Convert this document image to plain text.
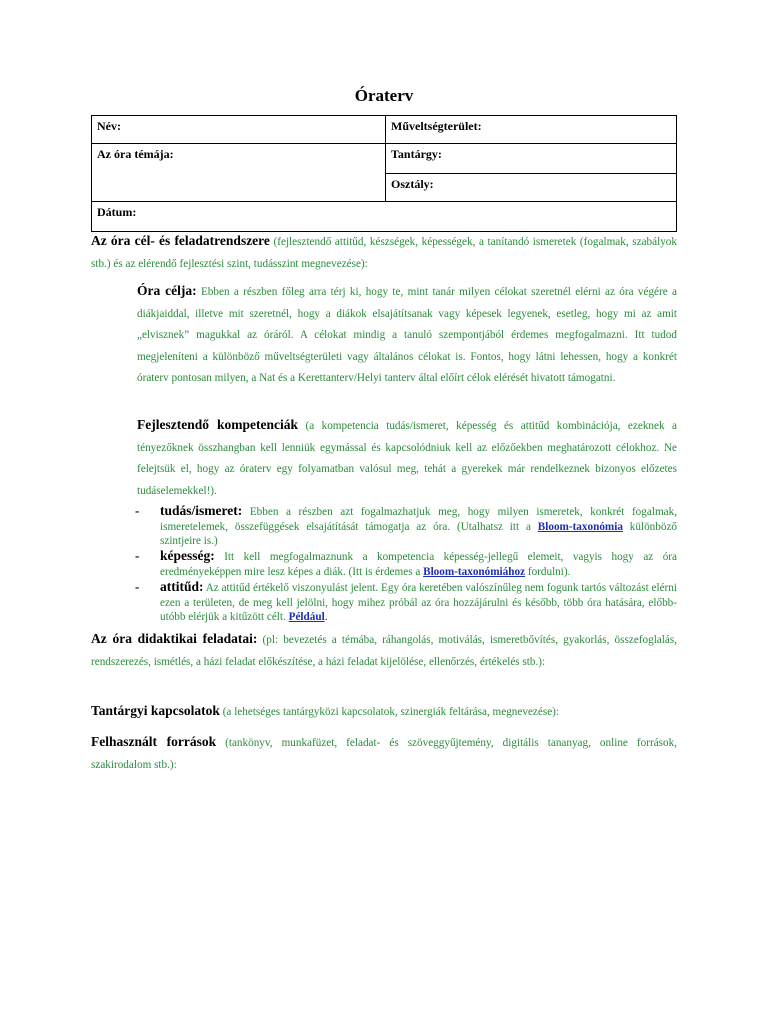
Óraterv
Név:	Műveltségterület:
Az óra témája:	Tantárgy:
	Osztály:
Dátum:	
Az óra cél- és feladatrendszere (fejlesztendő attitűd, készségek, képességek, a tanítandó ismeretek (fogalmak, szabályok stb.) és az elérendő fejlesztési szint, tudásszint megnevezése):
Óra célja: Ebben a részben főleg arra térj ki, hogy te, mint tanár milyen célokat szeretnél elérni az óra végére a diákjaiddal, illetve mit szeretnél, hogy a diákok elsajátítsanak vagy képesek legyenek, esetleg, hogy mi az amit „elvisznek” magukkal az óráról. A célokat mindig a tanuló szempontjából érdemes megfogalmazni. Itt tudod megjeleníteni a különböző műveltségterületi vagy általános célokat is. Fontos, hogy látni lehessen, hogy a konkrét óraterv pontosan milyen, a Nat és a Kerettanterv/Helyi tanterv által előírt célok elérését hivatott támogatni.
Fejlesztendő kompetenciák (a kompetencia tudás/ismeret, képesség és attitűd kombinációja, ezeknek a tényezőknek összhangban kell lenniük egymással és kapcsolódniuk kell az előzőekben meghatározott célokhoz. Ne felejtsük el, hogy az óraterv egy folyamatban valósul meg, tehát a gyerekek már rendelkeznek bizonyos előzetes tudáselemekkel!).
- tudás/ismeret: Ebben a részben azt fogalmazhatjuk meg, hogy milyen ismeretek, konkrét fogalmak, ismeretelemek, összefüggések elsajátítását támogatja az óra. (Utalhatsz itt a Bloom-taxonómia különböző szintjeire is.)
- képesség: Itt kell megfogalmaznunk a kompetencia képesség-jellegű elemeit, vagyis hogy az óra eredményeképpen mire lesz képes a diák. (Itt is érdemes a Bloom-taxonómiához fordulni).
- attitűd: Az attitűd értékelő viszonyulást jelent. Egy óra keretében valószínűleg nem fogunk tartós változást elérni ezen a területen, de meg kell jelölni, hogy mihez próbál az óra hozzájárulni és később, több óra hatására, előbb-utóbb elérjük a kitűzött célt. Például.
Az óra didaktikai feladatai: (pl: bevezetés a témába, ráhangolás, motiválás, ismeretbővítés, gyakorlás, összefoglalás, rendszerezés, ismétlés, a házi feladat előkészítése, a házi feladat kijelölése, ellenőrzés, értékelés stb.):
Tantárgyi kapcsolatok (a lehetséges tantárgyközi kapcsolatok, szinergiák feltárása, megnevezése):
Felhasznált források (tankönyv, munkafüzet, feladat- és szöveggyűjtemény, digitális tananyag, online források, szakirodalom stb.):
